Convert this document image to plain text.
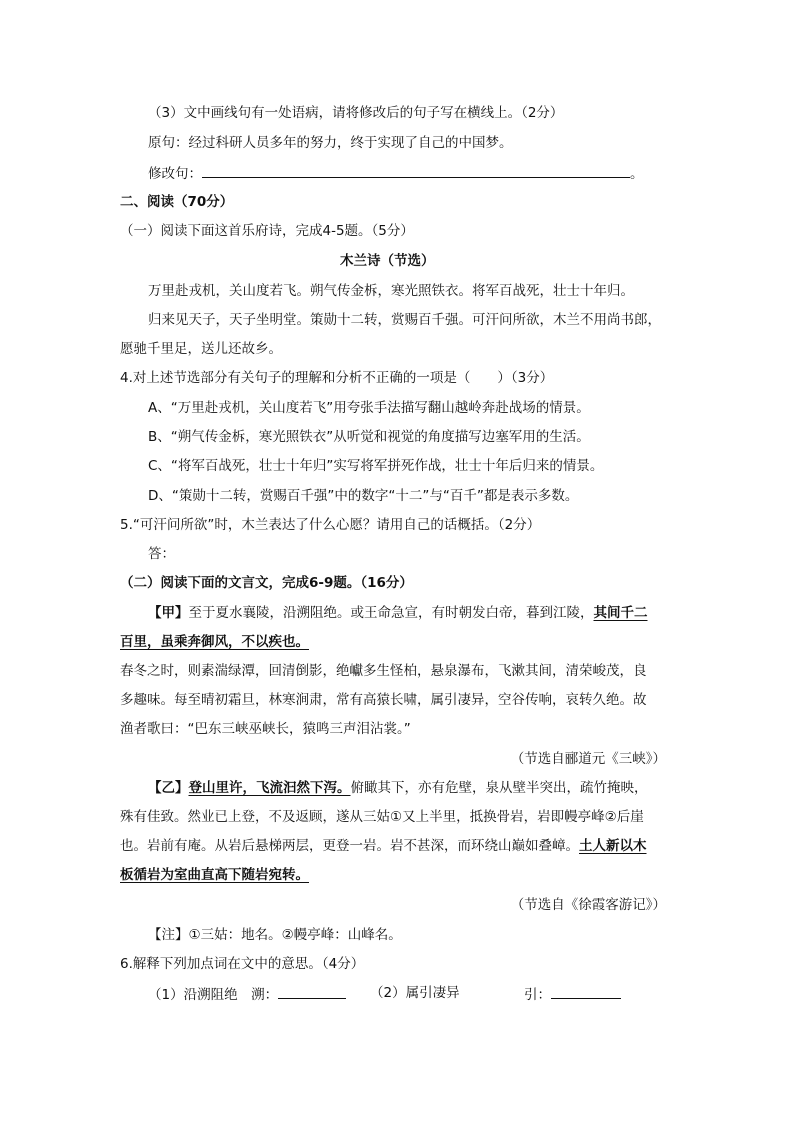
（3）文中画线句有一处语病，请将修改后的句子写在横线上。（2分）
原句：经过科研人员多年的努力，终于实现了自己的中国梦。
修改句：	。
二、阅读（70分）
（一）阅读下面这首乐府诗，完成4-5题。（5分）
木兰诗（节选）
万里赴戎机，关山度若飞。朔气传金柝，寒光照铁衣。将军百战死，壮士十年归。
归来见天子，天子坐明堂。策勋十二转，赏赐百千强。可汗问所欲，木兰不用尚书郎，
愿驰千里足，送儿还故乡。
4.对上述节选部分有关句子的理解和分析不正确的一项是（　　）（3分）
A、“万里赴戎机，关山度若飞”用夸张手法描写翻山越岭奔赴战场的情景。
B、“朔气传金柝，寒光照铁衣”从听觉和视觉的角度描写边塞军用的生活。
C、“将军百战死，壮士十年归”实写将军拼死作战，壮士十年后归来的情景。
D、“策勋十二转，赏赐百千强”中的数字“十二”与“百千”都是表示多数。
5.“可汗问所欲”时，木兰表达了什么心愿？请用自己的话概括。（2分）
答：
（二）阅读下面的文言文，完成6-9题。（16分）
【甲】至于夏水襄陵，沿溯阻绝。或王命急宣，有时朝发白帝，暮到江陵，其间千二
百里，虽乘奔御风，不以疾也。
春冬之时，则素湍绿潭，回清倒影，绝巘多生怪柏，悬泉瀑布，飞漱其间，清荣峻茂，良
多趣味。每至晴初霜旦，林寒涧肃，常有高猿长啸，属引凄异，空谷传响，哀转久绝。故
渔者歌曰：“巴东三峡巫峡长，猿鸣三声泪沾裳。”
（节选自郦道元《三峡》）
【乙】登山里许，飞流汩然下泻。俯瞰其下，亦有危壁，泉从壁半突出，疏竹掩映，
殊有佳致。然业已上登，不及返顾，遂从三姑①又上半里，抵换骨岩，岩即幔亭峰②后崖
也。岩前有庵。从岩后悬梯两层，更登一岩。岩不甚深，而环绕山巅如叠嶂。土人新以木
板循岩为室曲直高下随岩宛转。
（节选自《徐霞客游记》）
【注】①三姑：地名。②幔亭峰：山峰名。
6.解释下列加点词在文中的意思。（4分）
（1）沿溯阻绝　溯：	（2）属引凄异	引：
